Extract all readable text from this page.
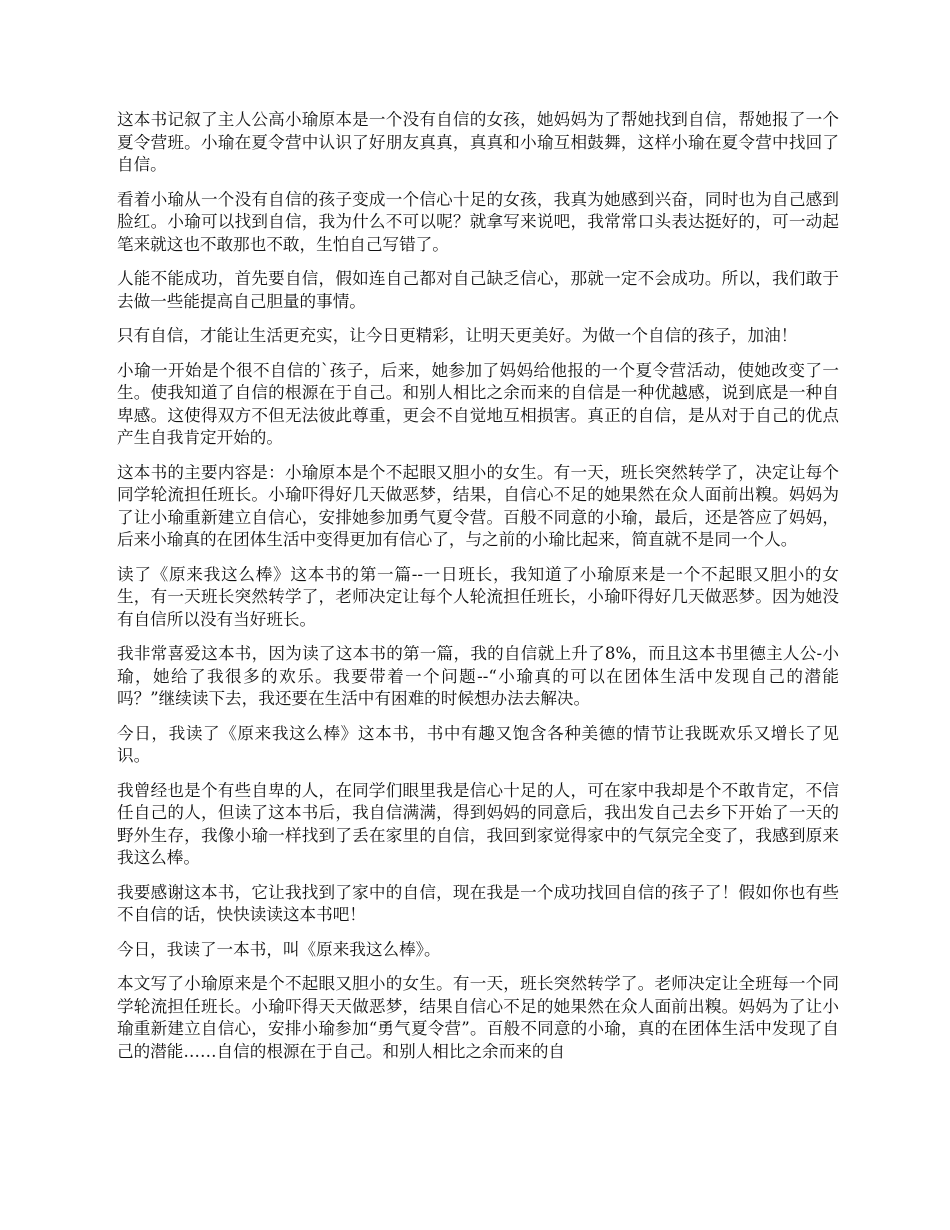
这本书记叙了主人公高小瑜原本是一个没有自信的女孩，她妈妈为了帮她找到自信，帮她报了一个夏令营班。小瑜在夏令营中认识了好朋友真真，真真和小瑜互相鼓舞，这样小瑜在夏令营中找回了自信。

看着小瑜从一个没有自信的孩子变成一个信心十足的女孩，我真为她感到兴奋，同时也为自己感到脸红。小瑜可以找到自信，我为什么不可以呢？就拿写来说吧，我常常口头表达挺好的，可一动起笔来就这也不敢那也不敢，生怕自己写错了。

人能不能成功，首先要自信，假如连自己都对自己缺乏信心，那就一定不会成功。所以，我们敢于去做一些能提高自己胆量的事情。

只有自信，才能让生活更充实，让今日更精彩，让明天更美好。为做一个自信的孩子，加油！

小瑜一开始是个很不自信的`孩子，后来，她参加了妈妈给他报的一个夏令营活动，使她改变了一生。使我知道了自信的根源在于自己。和别人相比之余而来的自信是一种优越感，说到底是一种自卑感。这使得双方不但无法彼此尊重，更会不自觉地互相损害。真正的自信，是从对于自己的优点产生自我肯定开始的。

这本书的主要内容是：小瑜原本是个不起眼又胆小的女生。有一天，班长突然转学了，决定让每个同学轮流担任班长。小瑜吓得好几天做恶梦，结果，自信心不足的她果然在众人面前出糗。妈妈为了让小瑜重新建立自信心，安排她参加勇气夏令营。百般不同意的小瑜，最后，还是答应了妈妈，后来小瑜真的在团体生活中变得更加有信心了，与之前的小瑜比起来，简直就不是同一个人。

读了《原来我这么棒》这本书的第一篇--一日班长，我知道了小瑜原来是一个不起眼又胆小的女生，有一天班长突然转学了，老师决定让每个人轮流担任班长，小瑜吓得好几天做恶梦。因为她没有自信所以没有当好班长。

我非常喜爱这本书，因为读了这本书的第一篇，我的自信就上升了8%，而且这本书里德主人公-小瑜，她给了我很多的欢乐。我要带着一个问题--“小瑜真的可以在团体生活中发现自己的潜能吗？”继续读下去，我还要在生活中有困难的时候想办法去解决。

今日，我读了《原来我这么棒》这本书，书中有趣又饱含各种美德的情节让我既欢乐又增长了见识。

我曾经也是个有些自卑的人，在同学们眼里我是信心十足的人，可在家中我却是个不敢肯定，不信任自己的人，但读了这本书后，我自信满满，得到妈妈的同意后，我出发自己去乡下开始了一天的野外生存，我像小瑜一样找到了丢在家里的自信，我回到家觉得家中的气氛完全变了，我感到原来我这么棒。

我要感谢这本书，它让我找到了家中的自信，现在我是一个成功找回自信的孩子了！假如你也有些不自信的话，快快读读这本书吧！

今日，我读了一本书，叫《原来我这么棒》。

本文写了小瑜原来是个不起眼又胆小的女生。有一天，班长突然转学了。老师决定让全班每一个同学轮流担任班长。小瑜吓得天天做恶梦，结果自信心不足的她果然在众人面前出糗。妈妈为了让小瑜重新建立自信心，安排小瑜参加“勇气夏令营”。百般不同意的小瑜，真的在团体生活中发现了自己的潜能……自信的根源在于自己。和别人相比之余而来的自
